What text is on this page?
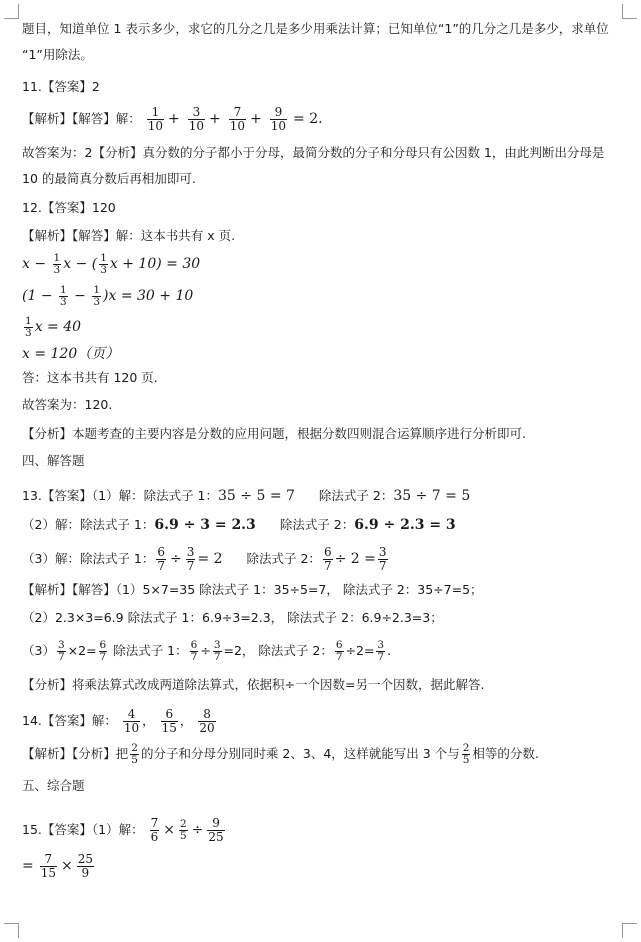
题目，知道单位 1 表示多少，求它的几分之几是多少用乘法计算；已知单位“1”的几分之几是多少，求单位
“1”用除法。
11.【答案】2
【解析】【解答】解： $\frac{1}{10} + \frac{3}{10} + \frac{7}{10} + \frac{9}{10} = 2$.
故答案为：2【分析】真分数的分子都小于分母，最简分数的分子和分母只有公因数 1，由此判断出分母是
10 的最简真分数后再相加即可.
12.【答案】120
【解析】【解答】解：这本书共有 x 页.
$x - \frac{1}{3}$ x − ( $\frac{1}{3}$ x + 10) = 30
$(1 - \frac{1}{3} - \frac{1}{3} )x = 30 + 10$
$\frac{1}{3}$ x = 40
x = 120（页）
答：这本书共有 120 页.
故答案为：120.
【分析】本题考查的主要内容是分数的应用问题，根据分数四则混合运算顺序进行分析即可.
四、解答题
13.【答案】（1）解：除法式子 1：35 ÷ 5 = 7 除法式子 2：35 ÷ 7 = 5
（2）解：除法式子 1：6.9 ÷ 3 = 2.3 除法式子 2：6.9 ÷ 2.3 = 3
（3）解：除法式子 1： $\frac{6}{7} \div \frac{3}{7} = 2$ 除法式子 2： $\frac{6}{7} \div 2 = \frac{3}{7}$
【解析】【解答】（1）5×7=35 除法式子 1：35÷5=7， 除法式子 2：35÷7=5；
（2）2.3×3=6.9 除法式子 1：6.9÷3=2.3， 除法式子 2：6.9÷2.3=3；
$(3) \frac{3}{7} \times 2= \frac{6}{7}$ 除法式子 1： $\frac{6}{7} \div \frac{3}{7} =2$， 除法式子 2： $\frac{6}{7} \div 2= \frac{3}{7}$ .
【分析】将乘法算式改成两道除法算式，依据积÷一个因数=另一个因数，据此解答.
14.【答案】解： $\frac{4}{10}$ ， $\frac{6}{15}$ ， $\frac{8}{20}$
【解析】【分析】把 $\frac{2}{5}$ 的分子和分母分别同时乘 2、3、4，这样就能写出 3 个与 $\frac{2}{5}$ 相等的分数.
五、综合题
15.【答案】（1）解： $\frac{7}{6} \times \frac{2}{5} \div \frac{9}{25}$
= $\frac{7}{15} \times \frac{25}{9}$
